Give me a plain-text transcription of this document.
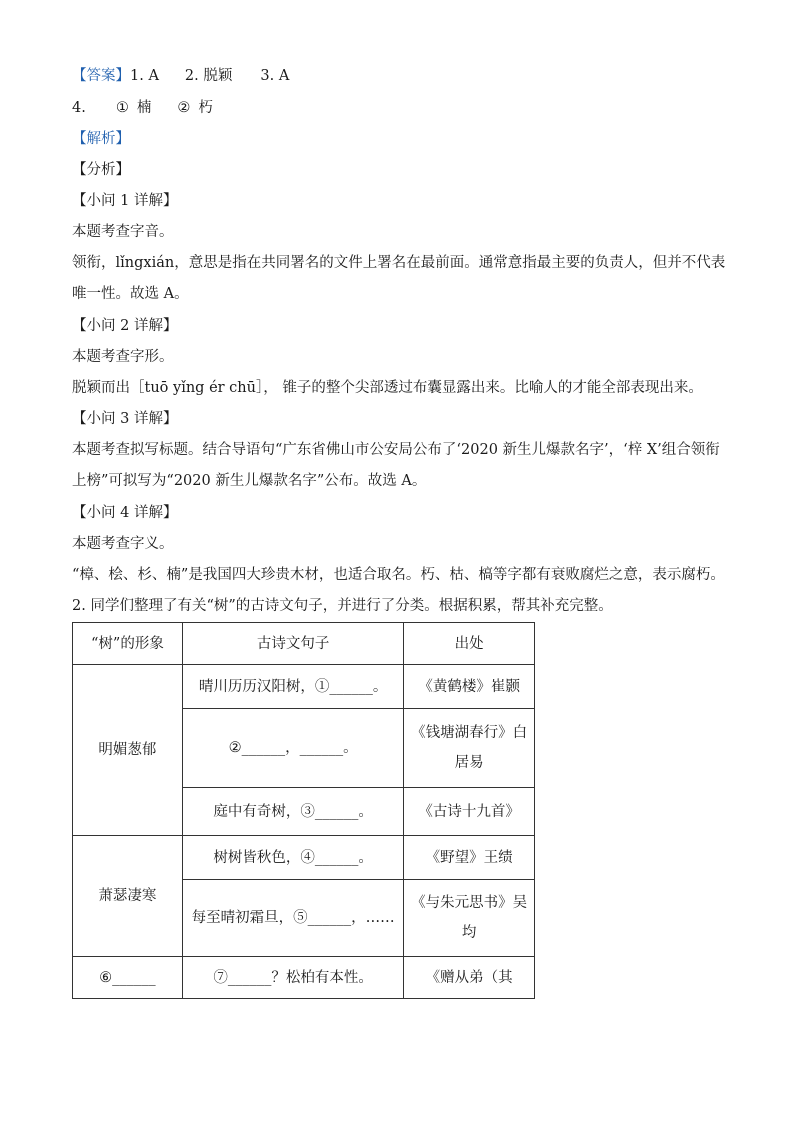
【答案】1. A 2. 脱颖 3. A
4. ① 楠 ② 朽
【解析】
【分析】
【小问 1 详解】
本题考查字音。
领衔，lǐngxián，意思是指在共同署名的文件上署名在最前面。通常意指最主要的负责人，但并不代表唯一性。故选 A。
【小问 2 详解】
本题考查字形。
脱颖而出［tuō yǐng ér chū］， 锥子的整个尖部透过布囊显露出来。比喻人的才能全部表现出来。
【小问 3 详解】
本题考查拟写标题。结合导语句“广东省佛山市公安局公布了‘2020 新生儿爆款名字’，‘梓 X’组合领衔上榜”可拟写为“2020 新生儿爆款名字”公布。故选 A。
【小问 4 详解】
本题考查字义。
“樟、桧、杉、楠”是我国四大珍贵木材，也适合取名。朽、枯、槁等字都有衰败腐烂之意，表示腐朽。
2. 同学们整理了有关“树”的古诗文句子，并进行了分类。根据积累，帮其补充完整。
“树”的形象	古诗文句子	出处
明媚葱郁	晴川历历汉阳树，①______。	《黄鹤楼》崔颢
	②______，______。	《钱塘湖春行》白居易
	庭中有奇树，③______。	《古诗十九首》
萧瑟凄寒	树树皆秋色，④______。	《野望》王绩
	每至晴初霜旦，⑤______，……	《与朱元思书》吴均
⑥______	⑦______？松柏有本性。	《赠从弟（其
